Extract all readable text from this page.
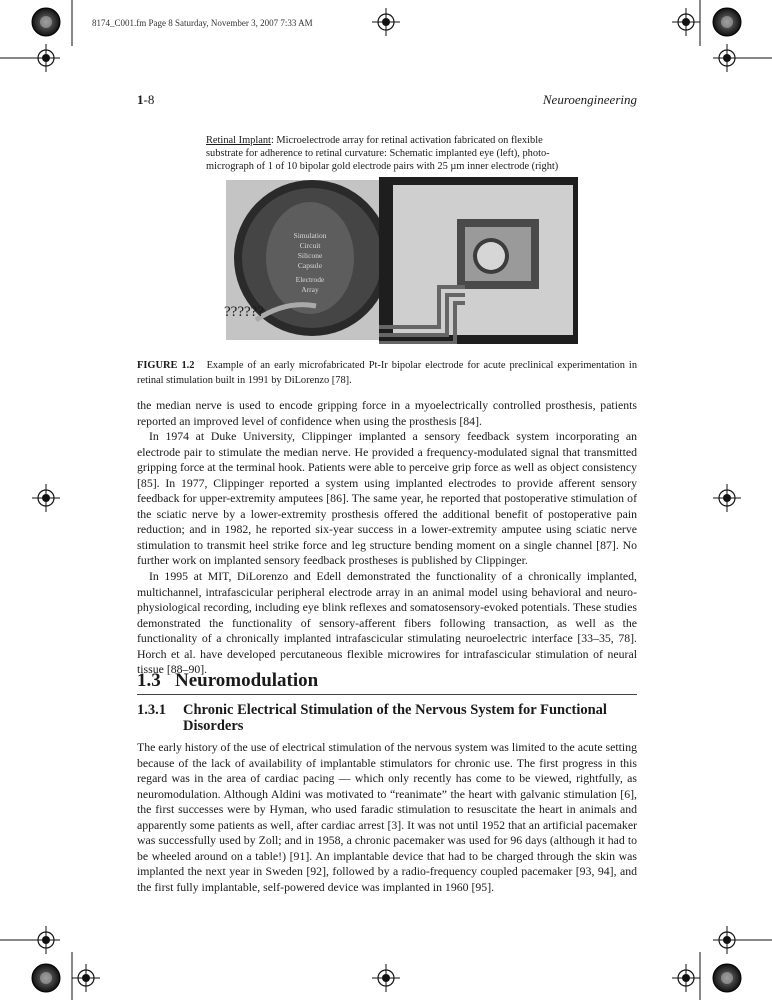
8174_C001.fm Page 8 Saturday, November 3, 2007 7:33 AM
1-8	Neuroengineering
Retinal Implant: Microelectrode array for retinal activation fabricated on flexible substrate for adherence to retinal curvature: Schematic implanted eye (left), photo-micrograph of 1 of 10 bipolar gold electrode pairs with 25 µm inner electrode (right)
Simulation
Circuit
Silicone
Capsule
Electrode
Array
??????
FIGURE 1.2 Example of an early microfabricated Pt-Ir bipolar electrode for acute preclinical experimentation in retinal stimulation built in 1991 by DiLorenzo [78].

the median nerve is used to encode gripping force in a myoelectrically controlled prosthesis, patients reported an improved level of confidence when using the prosthesis [84].

In 1974 at Duke University, Clippinger implanted a sensory feedback system incorporating an electrode pair to stimulate the median nerve. He provided a frequency-modulated signal that transmitted gripping force at the terminal hook. Patients were able to perceive grip force as well as object consistency [85]. In 1977, Clippinger reported a system using implanted electrodes to provide afferent sensory feedback for upper-extremity amputees [86]. The same year, he reported that postoperative stimulation of the sciatic nerve by a lower-extremity prosthesis offered the additional benefit of postoperative pain reduction; and in 1982, he reported six-year success in a lower-extremity amputee using sciatic nerve stimulation to transmit heel strike force and leg structure bending moment on a single channel [87]. No further work on implanted sensory feedback prostheses is published by Clippinger.

In 1995 at MIT, DiLorenzo and Edell demonstrated the functionality of a chronically implanted, multichannel, intrafascicular peripheral electrode array in an animal model using behavioral and neuro-physiological recording, including eye blink reflexes and somatosensory-evoked potentials. These studies demonstrated the functionality of sensory-afferent fibers following transaction, as well as the functionality of a chronically implanted intrafascicular stimulating neuroelectric interface [33–35, 78]. Horch et al. have developed percutaneous flexible microwires for intrafascicular stimulation of neural tissue [88–90].

1.3 Neuromodulation
1.3.1 Chronic Electrical Stimulation of the Nervous System for Functional Disorders

The early history of the use of electrical stimulation of the nervous system was limited to the acute setting because of the lack of availability of implantable stimulators for chronic use. The first progress in this regard was in the area of cardiac pacing — which only recently has come to be viewed, rightfully, as neuromodulation. Although Aldini was motivated to “reanimate” the heart with galvanic stimulation [6], the first successes were by Hyman, who used faradic stimulation to resuscitate the heart in animals and apparently some patients as well, after cardiac arrest [3]. It was not until 1952 that an artificial pacemaker was successfully used by Zoll; and in 1958, a chronic pacemaker was used for 96 days (although it had to be wheeled around on a table!) [91]. An implantable device that had to be charged through the skin was implanted the next year in Sweden [92], followed by a radio-frequency coupled pacemaker [93, 94], and the first fully implantable, self-powered device was implanted in 1960 [95].
